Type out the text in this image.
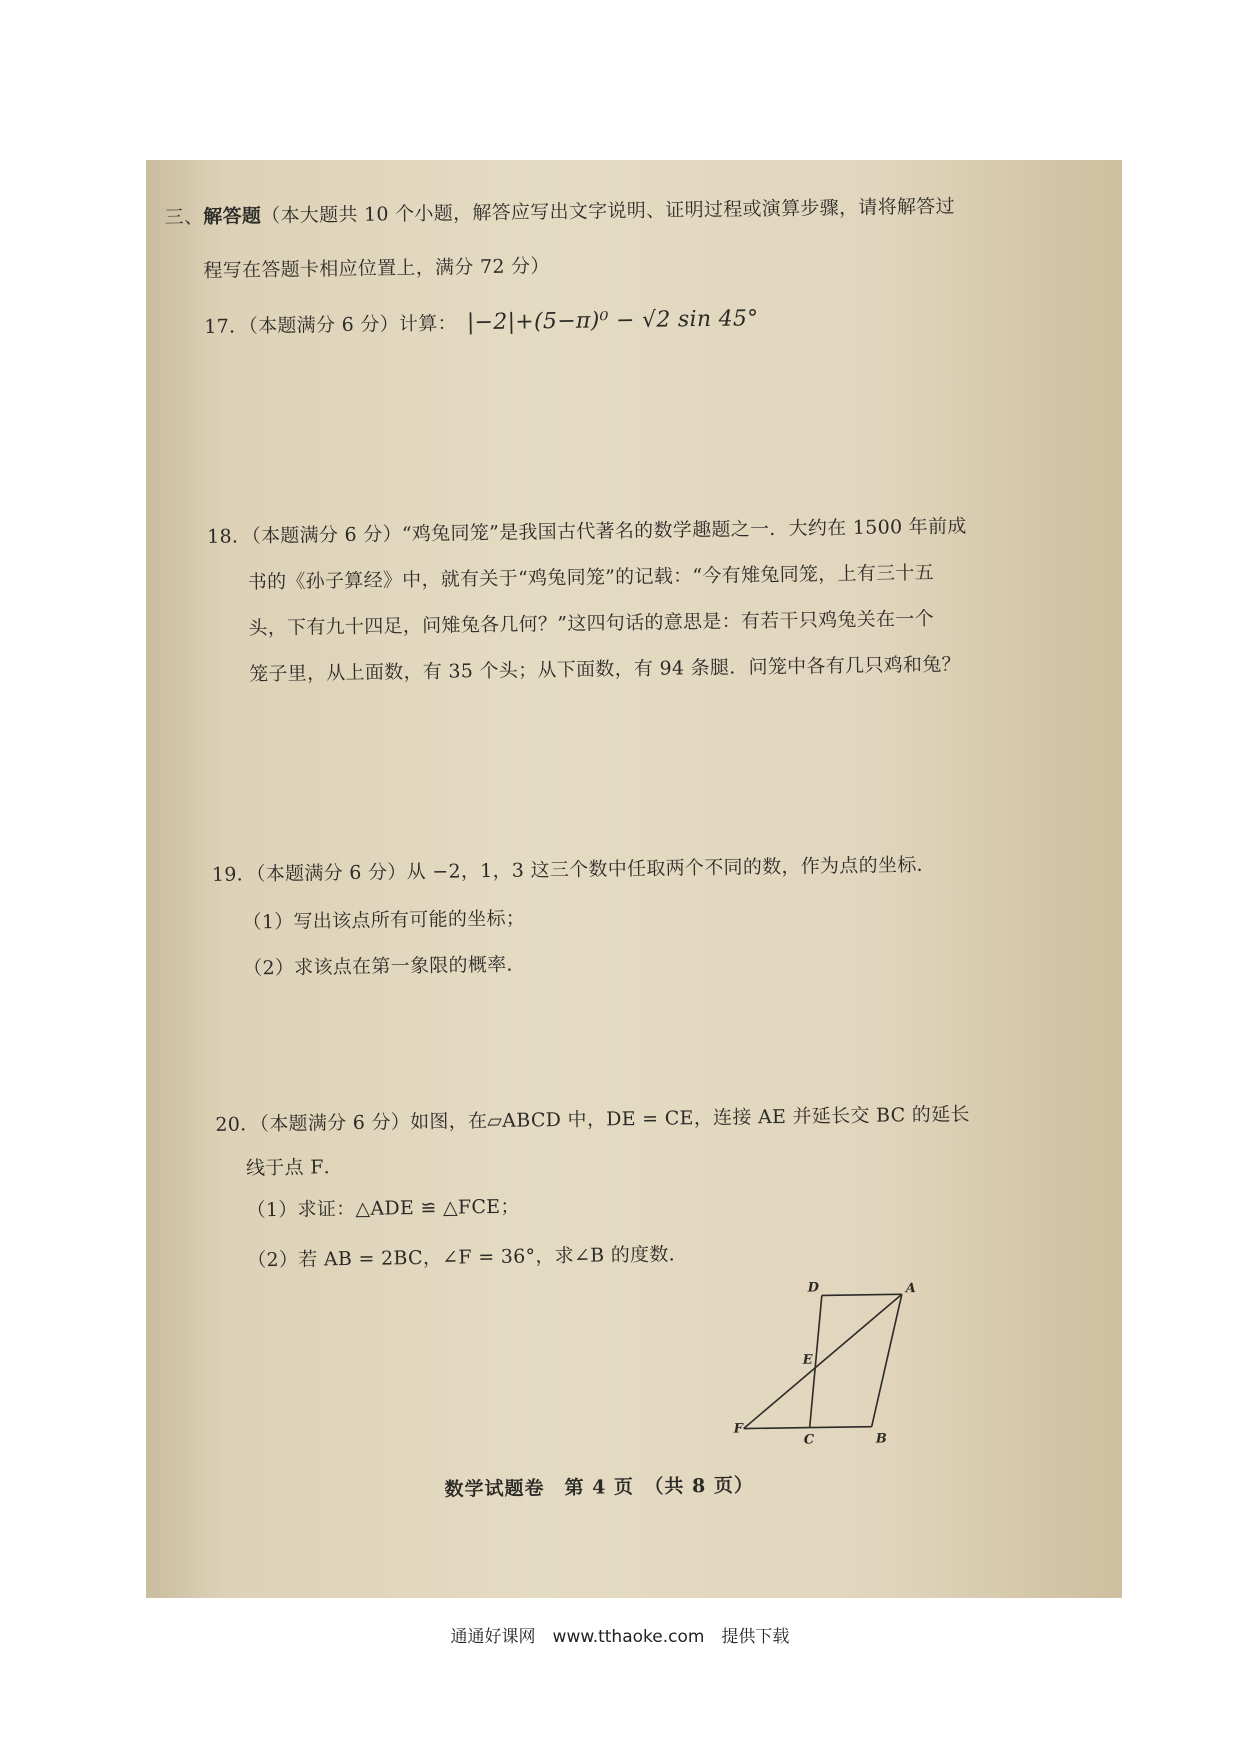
三、解答题（本大题共 10 个小题，解答应写出文字说明、证明过程或演算步骤，请将解答过
程写在答题卡相应位置上，满分 72 分）
17．（本题满分 6 分）计算： |−2|+(5−π)⁰ − √2 sin 45°
18．（本题满分 6 分）“鸡兔同笼”是我国古代著名的数学趣题之一．大约在 1500 年前成
书的《孙子算经》中，就有关于“鸡兔同笼”的记载：“今有雉兔同笼，上有三十五
头，下有九十四足，问雉兔各几何？”这四句话的意思是：有若干只鸡兔关在一个
笼子里，从上面数，有 35 个头；从下面数，有 94 条腿．问笼中各有几只鸡和兔？
19．（本题满分 6 分）从 −2，1，3 这三个数中任取两个不同的数，作为点的坐标．
（1）写出该点所有可能的坐标；
（2）求该点在第一象限的概率．
20．（本题满分 6 分）如图，在▱ABCD 中，DE = CE，连接 AE 并延长交 BC 的延长
线于点 F．
（1）求证：△ADE ≌ △FCE；
（2）若 AB = 2BC，∠F = 36°，求∠B 的度数．
D	A
E
F
C	B
数学试题卷　第 4 页　（共 8 页）
通通好课网　www.tthaoke.com　提供下载
